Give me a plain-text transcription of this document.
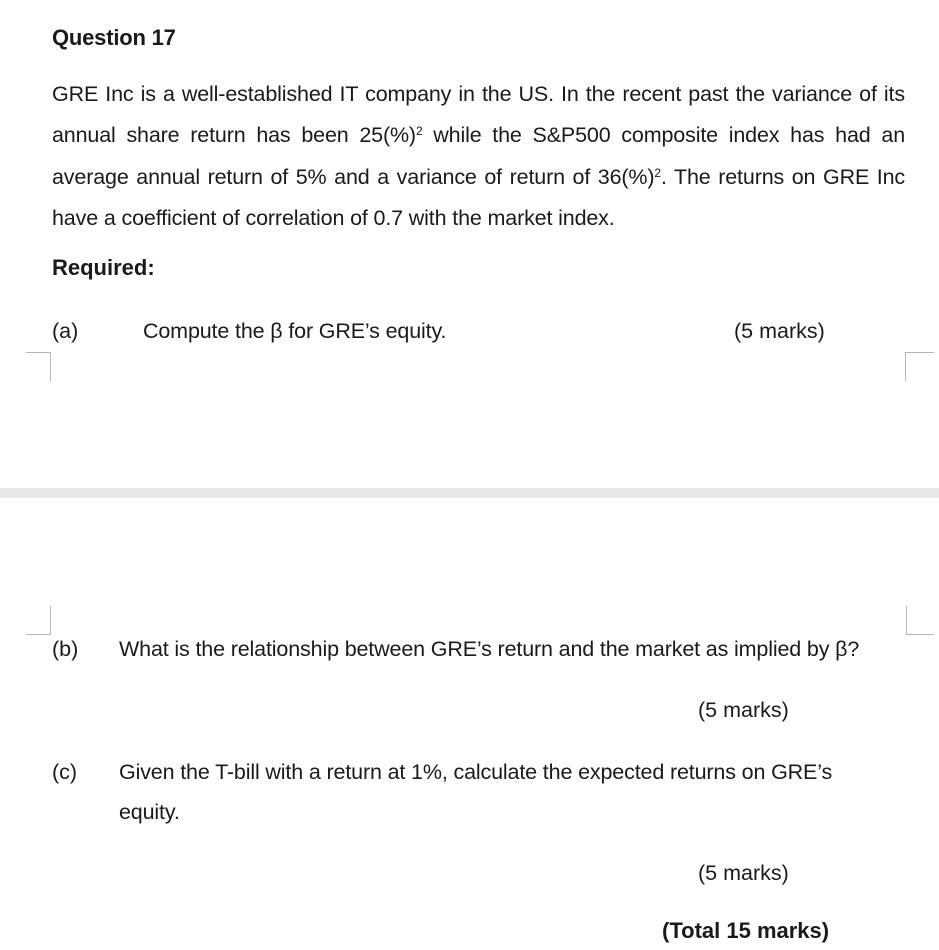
Question 17
GRE Inc is a well-established IT company in the US. In the recent past the variance of its annual share return has been 25(%)$^2$ while the S&P500 composite index has had an average annual return of 5% and a variance of return of 36(%)$^2$. The returns on GRE Inc have a coefficient of correlation of 0.7 with the market index.
Required:
(a)	Compute the β for GRE’s equity.	(5 marks)
(b) What is the relationship between GRE’s return and the market as implied by β?
(5 marks)
(c) Given the T-bill with a return at 1%, calculate the expected returns on GRE’s
equity.
(5 marks)
(Total 15 marks)
